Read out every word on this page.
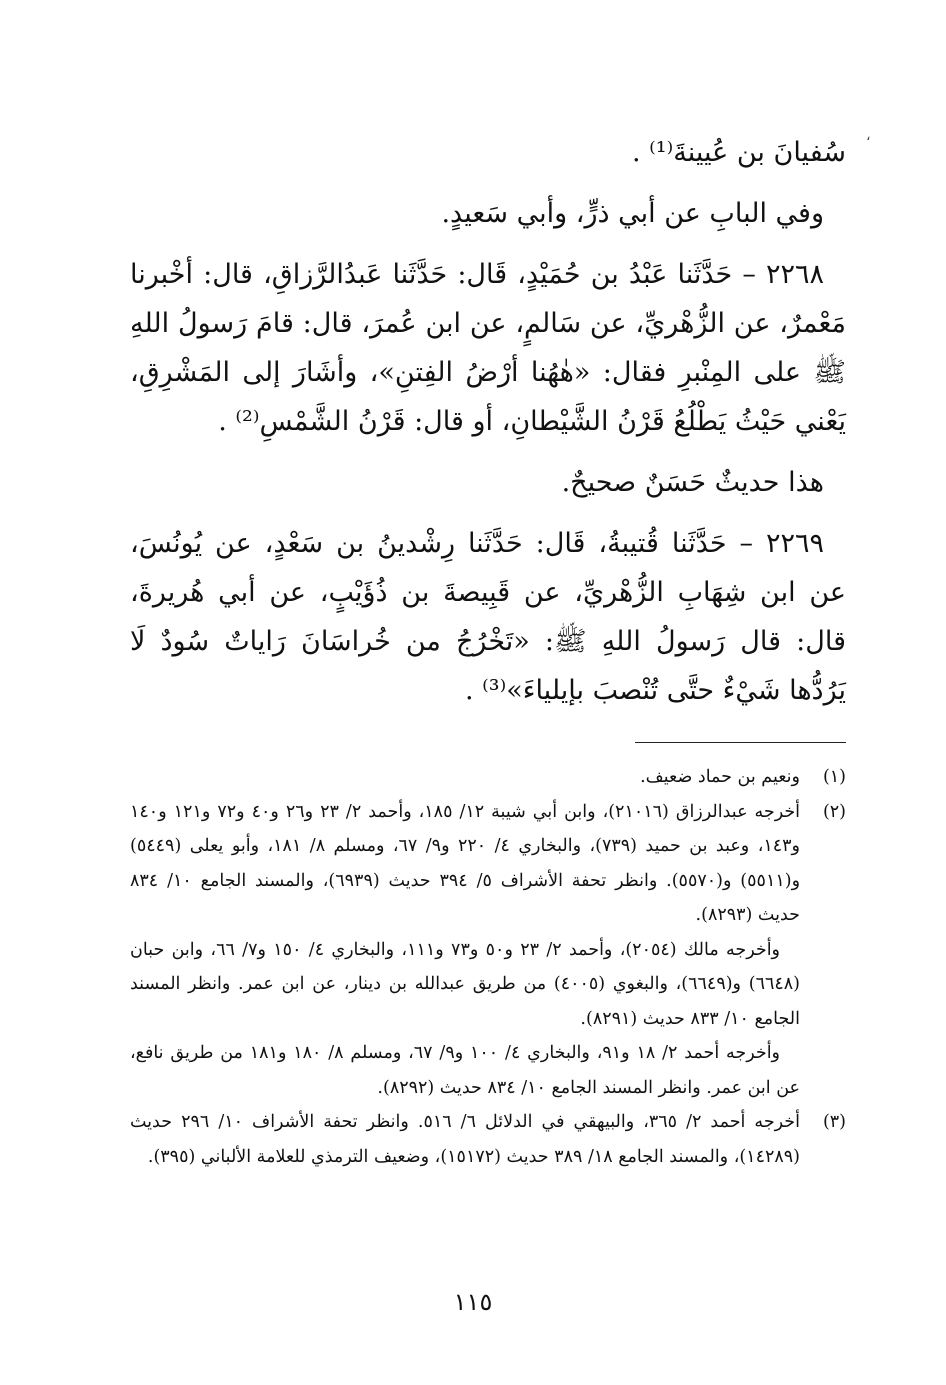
،

سُفيانَ بن عُيينةَ⁽¹⁾ .

وفي البابِ عن أبي ذرٍّ، وأبي سَعيدٍ.

٢٢٦٨ – حَدَّثَنا عَبْدُ بن حُمَيْدٍ، قَال: حَدَّثَنا عَبدُالرَّزاقِ، قال: أخْبرنا مَعْمرٌ، عن الزُّهْريِّ، عن سَالمٍ، عن ابن عُمرَ، قال: قامَ رَسولُ اللهِ ﷺ على المِنْبرِ فقال: «هٰهُنا أرْضُ الفِتنِ»، وأشَارَ إلى المَشْرِقِ، يَعْني حَيْثُ يَطْلُعُ قَرْنُ الشَّيْطانِ، أو قال: قَرْنُ الشَّمْسِ⁽²⁾ .

هذا حديثٌ حَسَنٌ صحيحٌ.

٢٢٦٩ – حَدَّثَنا قُتيبةُ، قَال: حَدَّثَنا رِشْدينُ بن سَعْدٍ، عن يُونُسَ، عن ابن شِهَابِ الزُّهْريِّ، عن قَبِيصةَ بن ذُؤَيْبٍ، عن أبي هُريرةَ، قال: قال رَسولُ اللهِ ﷺ: «تَخْرُجُ من خُراسَانَ رَاياتٌ سُودٌ لَا يَرُدُّها شَيْءٌ حتَّى تُنْصبَ بإيلياءَ»⁽³⁾ .

(١)

ونعيم بن حماد ضعيف.

(٢)

أخرجه عبدالرزاق (٢١٠١٦)، وابن أبي شيبة ١٢/ ١٨٥، وأحمد ٢/ ٢٣ و٢٦ و٤٠ و٧٢ و١٢١ و١٤٠ و١٤٣، وعبد بن حميد (٧٣٩)، والبخاري ٤/ ٢٢٠ و٩/ ٦٧، ومسلم ٨/ ١٨١، وأبو يعلى (٥٤٤٩) و(٥٥١١) و(٥٥٧٠). وانظر تحفة الأشراف ٥/ ٣٩٤ حديث (٦٩٣٩)، والمسند الجامع ١٠/ ٨٣٤ حديث (٨٢٩٣).

وأخرجه مالك (٢٠٥٤)، وأحمد ٢/ ٢٣ و٥٠ و٧٣ و١١١، والبخاري ٤/ ١٥٠ و٧/ ٦٦، وابن حبان (٦٦٤٨) و(٦٦٤٩)، والبغوي (٤٠٠٥) من طريق عبدالله بن دينار، عن ابن عمر. وانظر المسند الجامع ١٠/ ٨٣٣ حديث (٨٢٩١).

وأخرجه أحمد ٢/ ١٨ و٩١، والبخاري ٤/ ١٠٠ و٩/ ٦٧، ومسلم ٨/ ١٨٠ و١٨١ من طريق نافع، عن ابن عمر. وانظر المسند الجامع ١٠/ ٨٣٤ حديث (٨٢٩٢).

(٣)

أخرجه أحمد ٢/ ٣٦٥، والبيهقي في الدلائل ٦/ ٥١٦. وانظر تحفة الأشراف ١٠/ ٢٩٦ حديث (١٤٢٨٩)، والمسند الجامع ١٨/ ٣٨٩ حديث (١٥١٧٢)، وضعيف الترمذي للعلامة الألباني (٣٩٥).

١١٥
